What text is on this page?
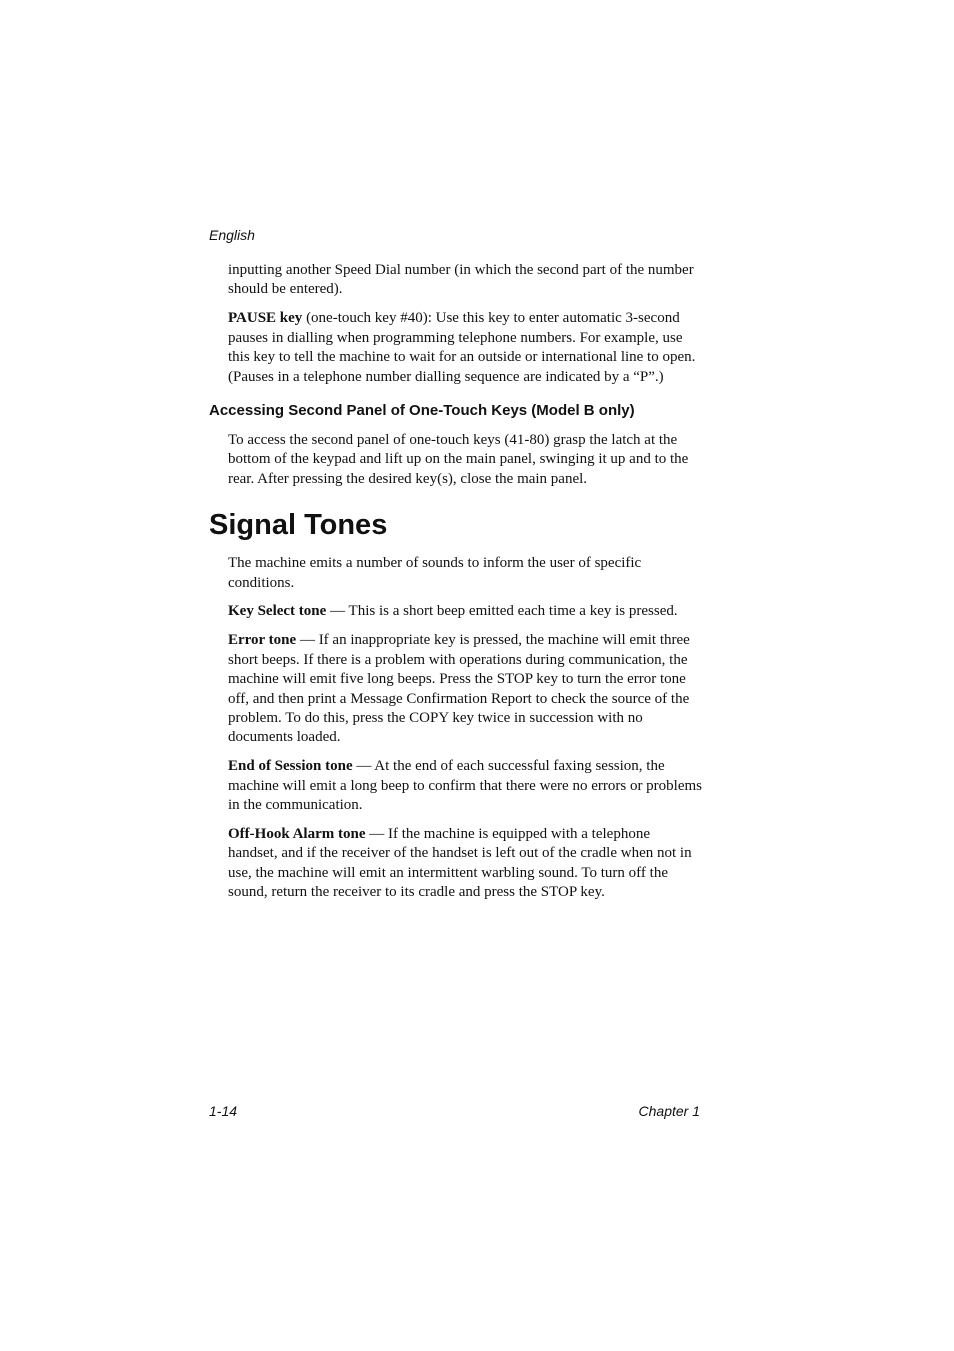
English

inputting another Speed Dial number (in which the second part of the number should be entered).

PAUSE key (one-touch key #40): Use this key to enter automatic 3-second pauses in dialling when programming telephone numbers. For example, use this key to tell the machine to wait for an outside or international line to open. (Pauses in a telephone number dialling sequence are indicated by a “P”.)

Accessing Second Panel of One-Touch Keys (Model B only)

To access the second panel of one-touch keys (41-80) grasp the latch at the bottom of the keypad and lift up on the main panel, swinging it up and to the rear. After pressing the desired key(s), close the main panel.

Signal Tones

The machine emits a number of sounds to inform the user of specific conditions.

Key Select tone — This is a short beep emitted each time a key is pressed.

Error tone — If an inappropriate key is pressed, the machine will emit three short beeps. If there is a problem with operations during communication, the machine will emit five long beeps. Press the STOP key to turn the error tone off, and then print a Message Confirmation Report to check the source of the problem. To do this, press the COPY key twice in succession with no documents loaded.

End of Session tone — At the end of each successful faxing session, the machine will emit a long beep to confirm that there were no errors or problems in the communication.

Off-Hook Alarm tone — If the machine is equipped with a telephone handset, and if the receiver of the handset is left out of the cradle when not in use, the machine will emit an intermittent warbling sound. To turn off the sound, return the receiver to its cradle and press the STOP key.

1-14	Chapter 1
